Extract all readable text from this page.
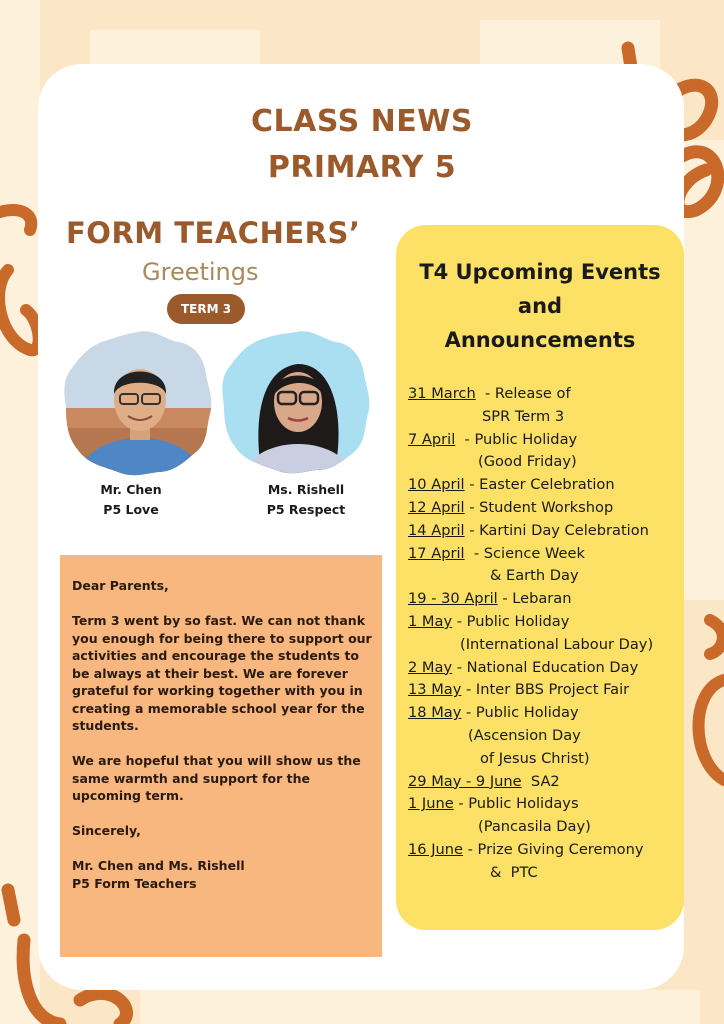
CLASS NEWS
PRIMARY 5
FORM TEACHERS’
Greetings
TERM 3
Mr. Chen
P5 Love
Ms. Rishell
P5 Respect

Dear Parents,

Term 3 went by so fast. We can not thank you enough for being there to support our activities and encourage the students to be always at their best. We are forever grateful for working together with you in creating a memorable school year for the students.

We are hopeful that you will show us the same warmth and support for the upcoming term.

Sincerely,

Mr. Chen and Ms. Rishell

P5 Form Teachers

T4 Upcoming Events
and
Announcements
31 March  - Release of
SPR Term 3
7 April  - Public Holiday
(Good Friday)
10 April - Easter Celebration
12 April - Student Workshop
14 April - Kartini Day Celebration
17 April  - Science Week
& Earth Day
19 - 30 April - Lebaran
1 May - Public Holiday
(International Labour Day)
2 May - National Education Day
13 May - Inter BBS Project Fair
18 May - Public Holiday
(Ascension Day
of Jesus Christ)
29 May - 9 June  SA2
1 June - Public Holidays
(Pancasila Day)
16 June - Prize Giving Ceremony
&  PTC
